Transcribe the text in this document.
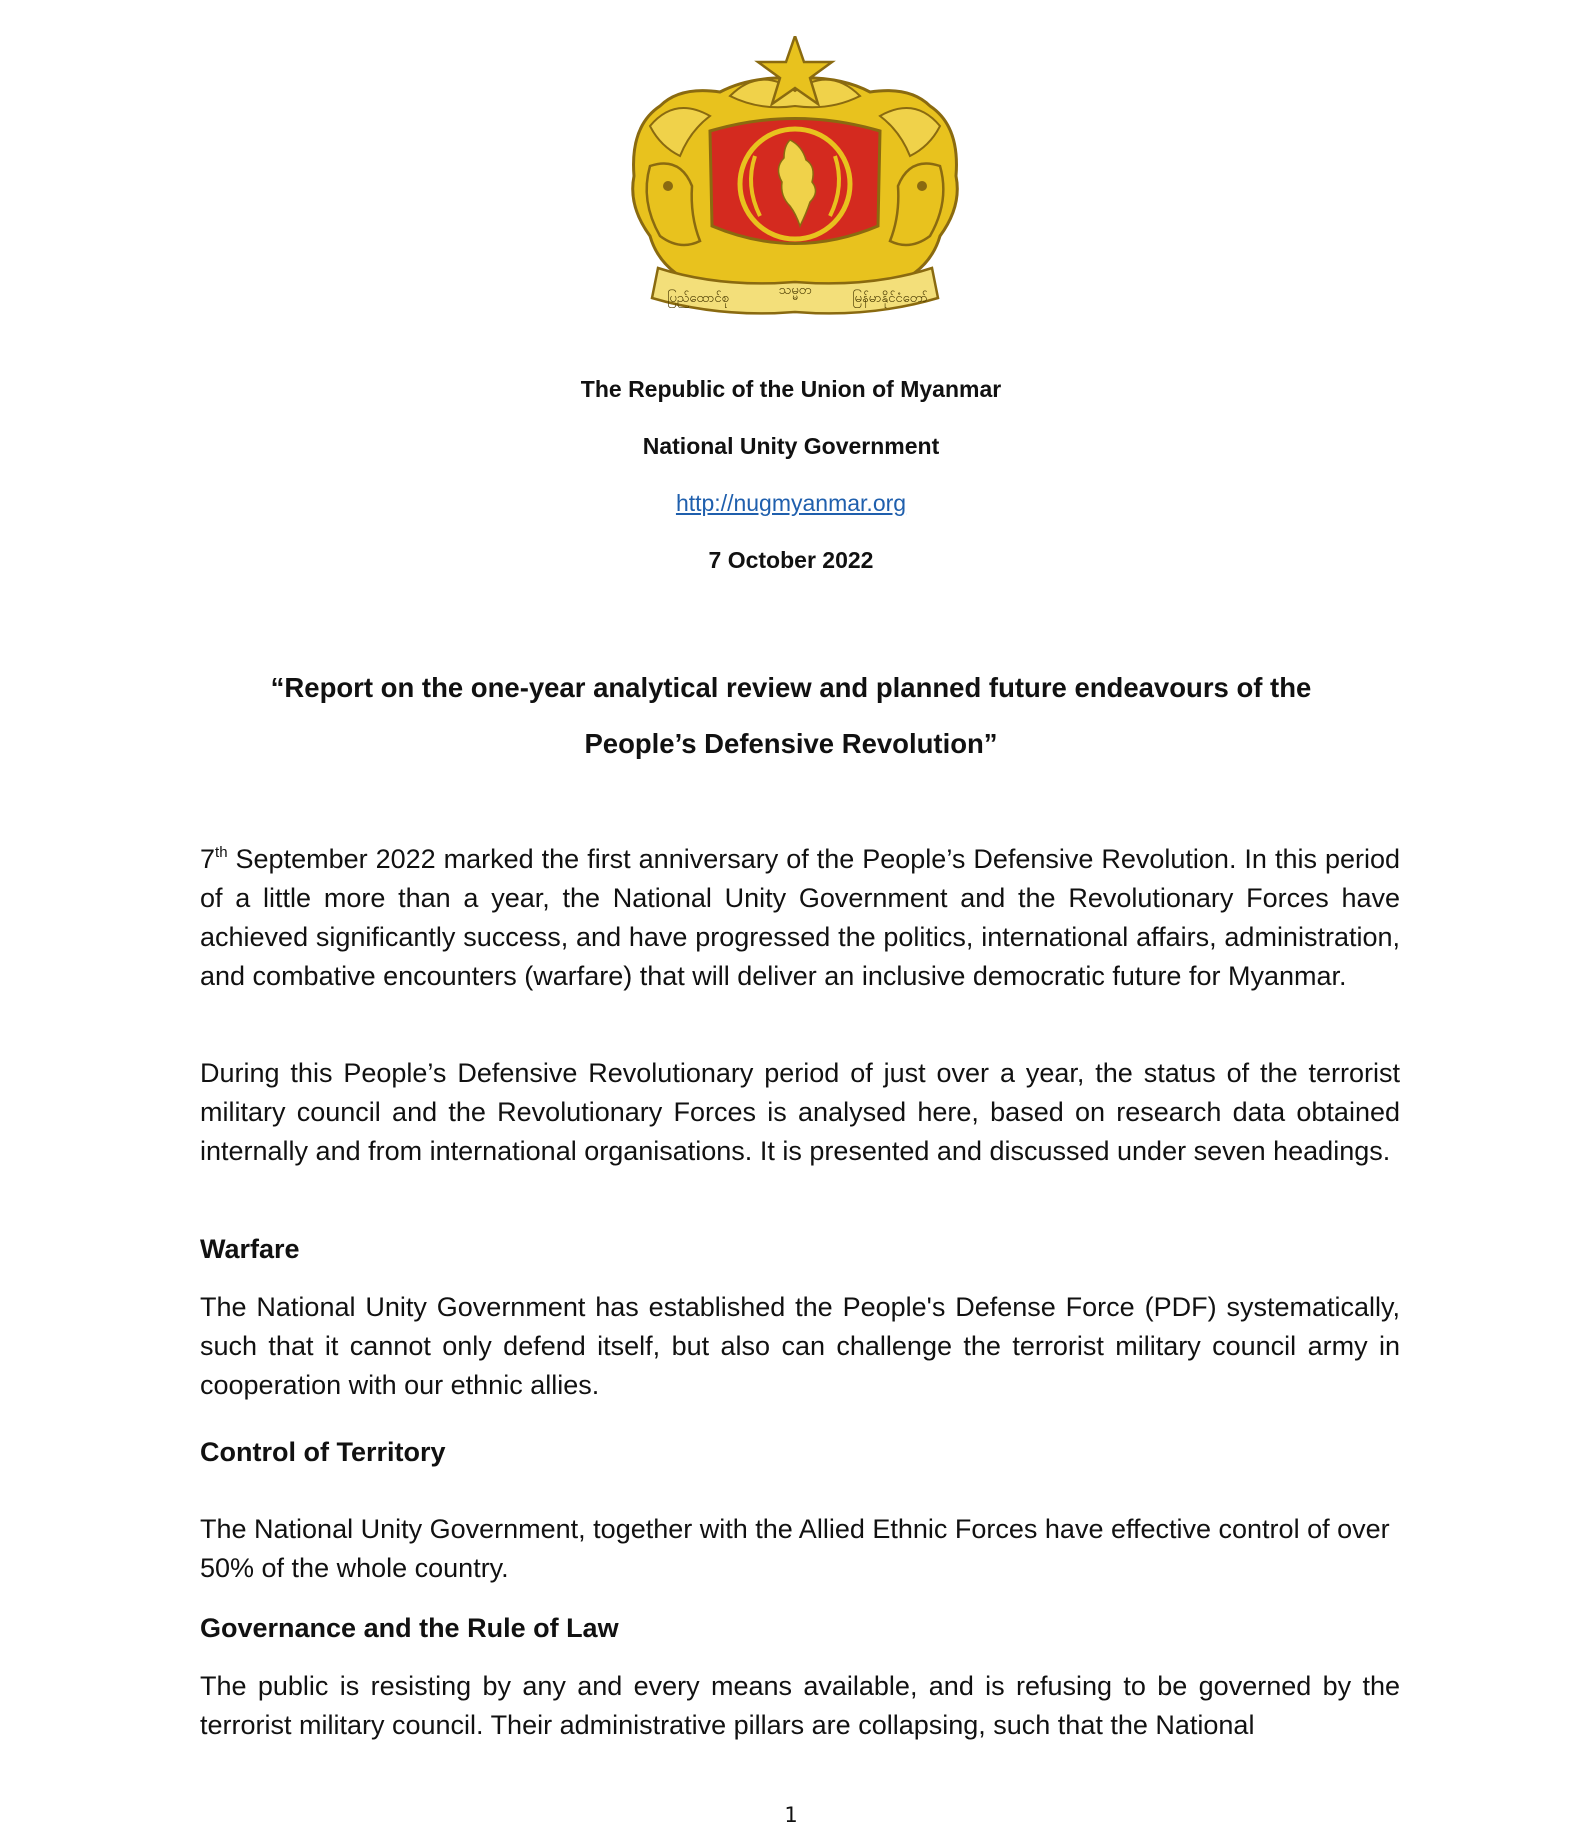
ပြည်ထောင်စု
သမ္မတ
မြန်မာနိုင်ငံတော်
The Republic of the Union of Myanmar
National Unity Government
http://nugmyanmar.org
7 October 2022
“Report on the one-year analytical review and planned future endeavours of the
People’s Defensive Revolution”

7th September 2022 marked the first anniversary of the People’s Defensive Revolution. In this period of a little more than a year, the National Unity Government and the Revolutionary Forces have achieved significantly success, and have progressed the politics, international affairs, administration, and combative encounters (warfare) that will deliver an inclusive democratic future for Myanmar.

During this People’s Defensive Revolutionary period of just over a year, the status of the terrorist military council and the Revolutionary Forces is analysed here, based on research data obtained internally and from international organisations. It is presented and discussed under seven headings.

Warfare

The National Unity Government has established the People's Defense Force (PDF) systematically, such that it cannot only defend itself, but also can challenge the terrorist military council army in cooperation with our ethnic allies.

Control of Territory

The National Unity Government, together with the Allied Ethnic Forces have effective control of over 50% of the whole country.

Governance and the Rule of Law

The public is resisting by any and every means available, and is refusing to be governed by the terrorist military council. Their administrative pillars are collapsing, such that the National

1
